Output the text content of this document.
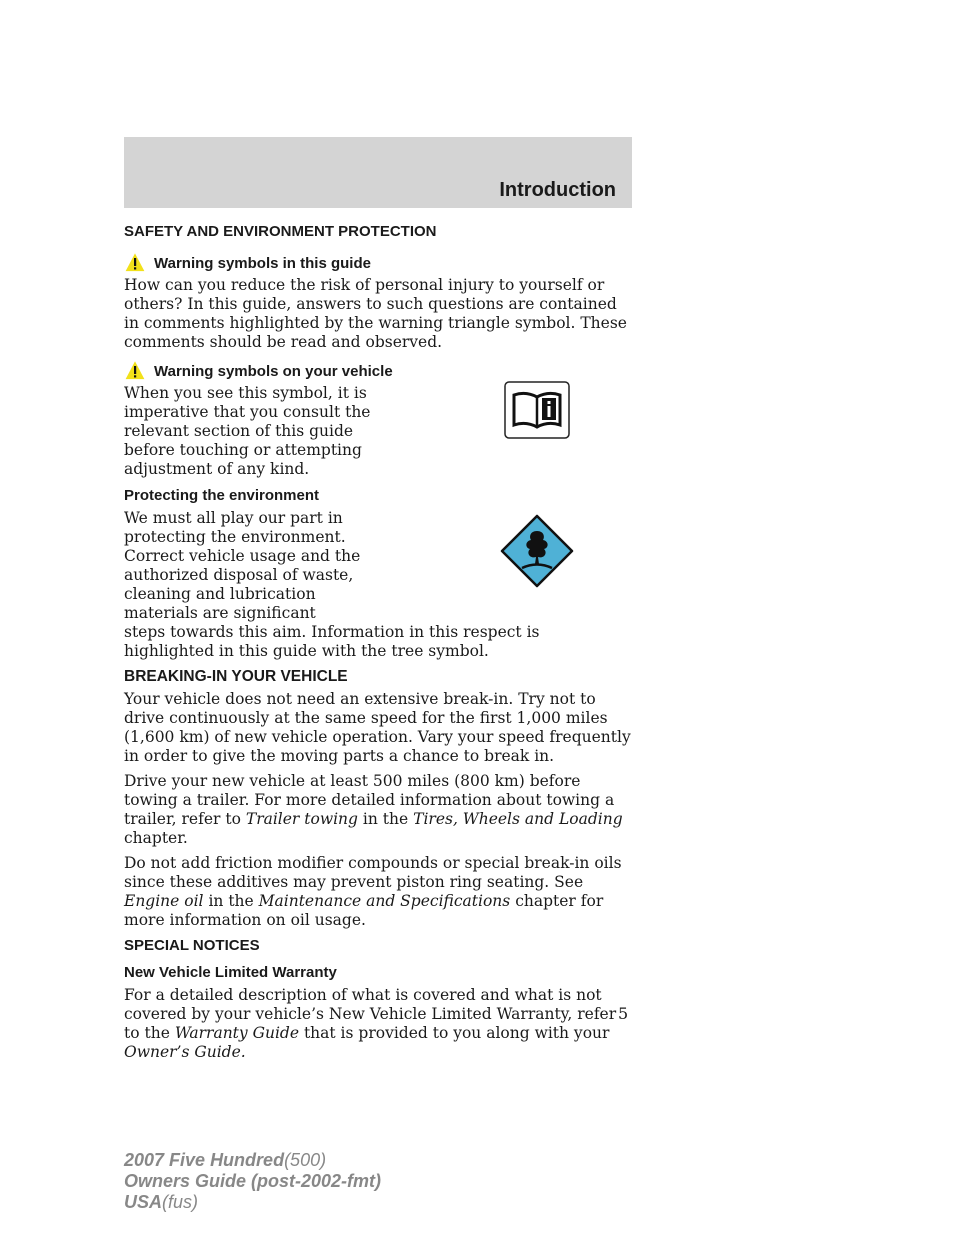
Introduction
SAFETY AND ENVIRONMENT PROTECTION
Warning symbols in this guide

How can you reduce the risk of personal injury to yourself or others? In this guide, answers to such questions are contained in comments highlighted by the warning triangle symbol. These comments should be read and observed.

Warning symbols on your vehicle

When you see this symbol, it is imperative that you consult the relevant section of this guide before touching or attempting adjustment of any kind.

Protecting the environment

We must all play our part in protecting the environment. Correct vehicle usage and the authorized disposal of waste, cleaning and lubrication materials are significant

steps towards this aim. Information in this respect is highlighted in this guide with the tree symbol.

BREAKING-IN YOUR VEHICLE

Your vehicle does not need an extensive break-in. Try not to drive continuously at the same speed for the first 1,000 miles (1,600 km) of new vehicle operation. Vary your speed frequently in order to give the moving parts a chance to break in.

Drive your new vehicle at least 500 miles (800 km) before towing a trailer. For more detailed information about towing a trailer, refer to Trailer towing in the Tires, Wheels and Loading chapter.

Do not add friction modifier compounds or special break-in oils since these additives may prevent piston ring seating. See Engine oil in the Maintenance and Specifications chapter for more information on oil usage.

SPECIAL NOTICES
New Vehicle Limited Warranty

For a detailed description of what is covered and what is not covered by your vehicle’s New Vehicle Limited Warranty, refer to the Warranty Guide that is provided to you along with your Owner’s Guide.

5
2007 Five Hundred(500)
Owners Guide (post-2002-fmt)
USA(fus)
